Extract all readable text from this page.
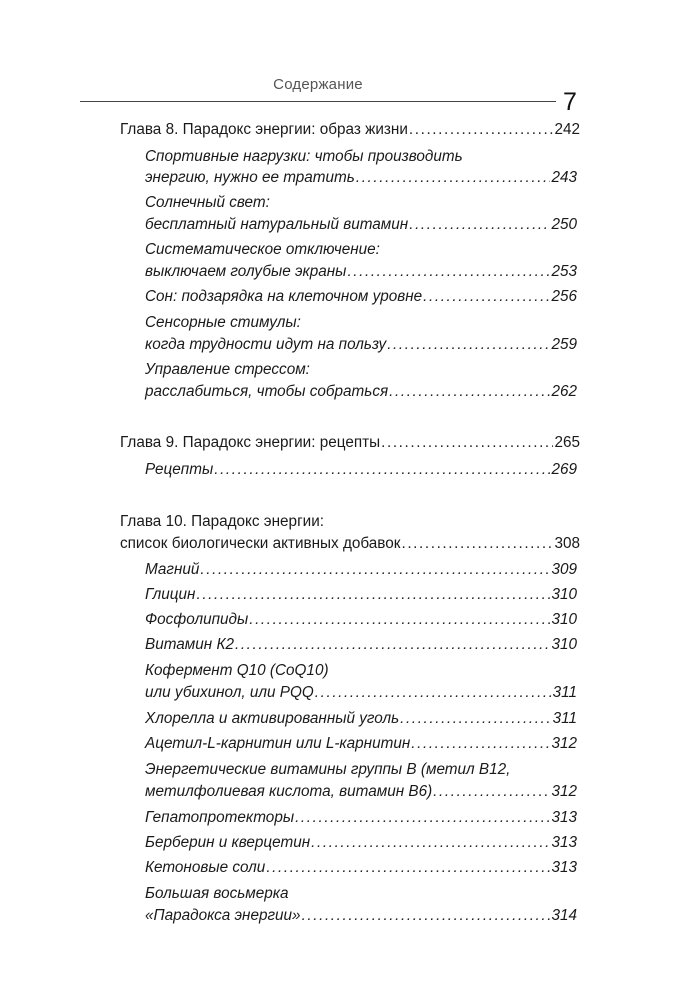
Содержание
7
Глава 8. Парадокс энергии: образ жизни .....	242
Спортивные нагрузки: чтобы производить
энергию, нужно ее тратить .....	243
Солнечный свет:
бесплатный натуральный витамин .....	250
Систематическое отключение:
выключаем голубые экраны .....	253
Сон: подзарядка на клеточном уровне .....	256
Сенсорные стимулы:
когда трудности идут на пользу .....	259
Управление стрессом:
расслабиться, чтобы собраться .....	262
Глава 9. Парадокс энергии: рецепты .....	265
Рецепты .....	269
Глава 10. Парадокс энергии:
список биологически активных добавок .....	308
Магний .....	309
Глицин .....	310
Фосфолипиды .....	310
Витамин К2 .....	310
Кофермент Q10 (CoQ10)
или убихинол, или PQQ .....	311
Хлорелла и активированный уголь .....	311
Ацетил-L-карнитин или L-карнитин .....	312
Энергетические витамины группы В (метил В12,
метилфолиевая кислота, витамин В6) .....	312
Гепатопротекторы .....	313
Берберин и кверцетин .....	313
Кетоновые соли .....	313
Большая восьмерка
«Парадокса энергии» .....	314
